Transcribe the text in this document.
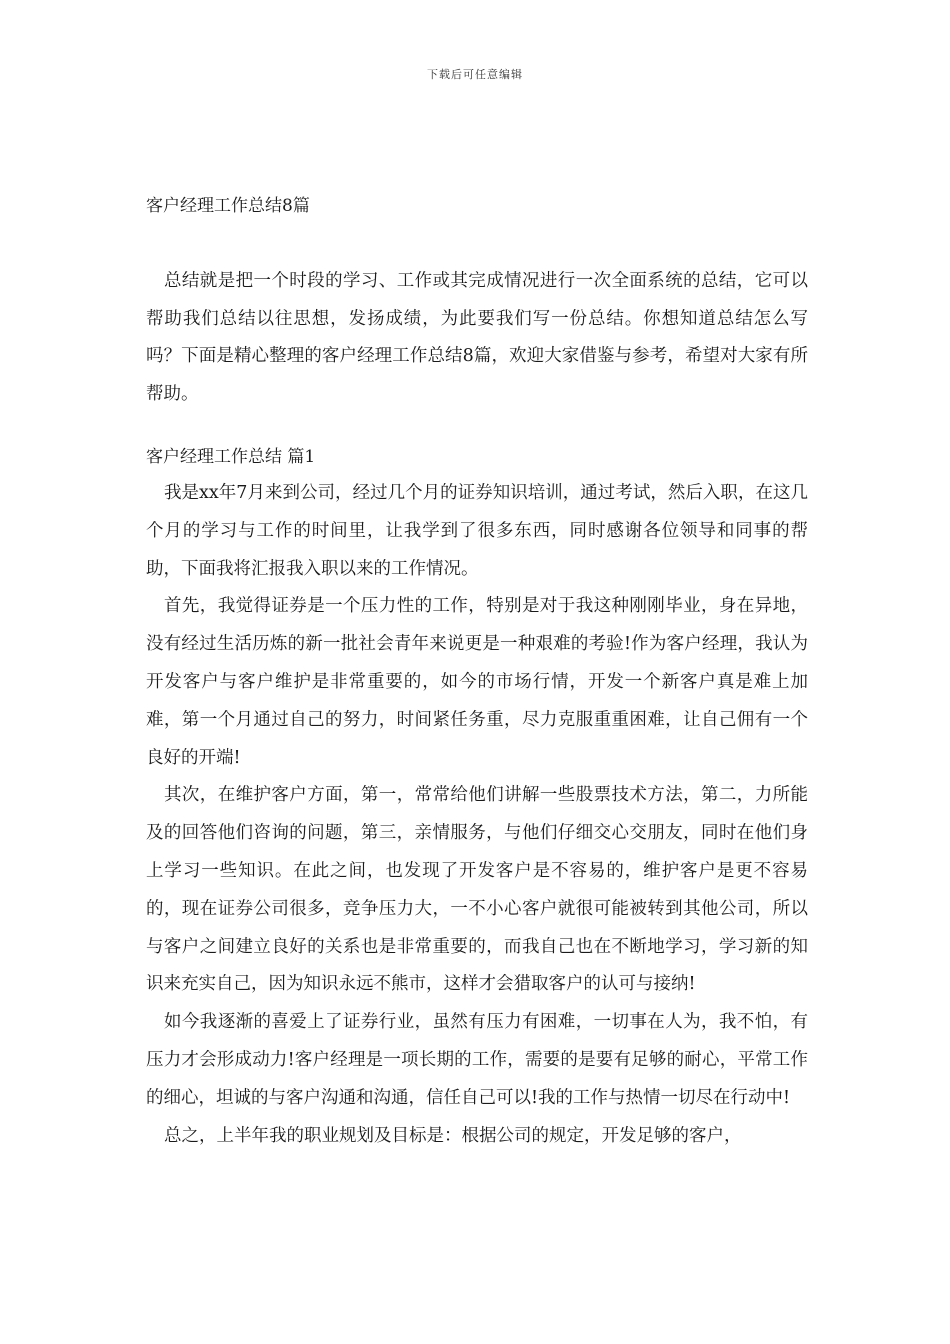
下载后可任意编辑
客户经理工作总结8篇

总结就是把一个时段的学习、工作或其完成情况进行一次全面系统的总结，它可以帮助我们总结以往思想，发扬成绩，为此要我们写一份总结。你想知道总结怎么写吗？下面是精心整理的客户经理工作总结8篇，欢迎大家借鉴与参考，希望对大家有所帮助。

客户经理工作总结 篇1

我是xx年7月来到公司，经过几个月的证券知识培训，通过考试，然后入职，在这几个月的学习与工作的时间里，让我学到了很多东西，同时感谢各位领导和同事的帮助，下面我将汇报我入职以来的工作情况。

首先，我觉得证券是一个压力性的工作，特别是对于我这种刚刚毕业，身在异地，没有经过生活历炼的新一批社会青年来说更是一种艰难的考验!作为客户经理，我认为开发客户与客户维护是非常重要的，如今的市场行情，开发一个新客户真是难上加难，第一个月通过自己的努力，时间紧任务重，尽力克服重重困难，让自己佣有一个良好的开端!

其次，在维护客户方面，第一，常常给他们讲解一些股票技术方法，第二，力所能及的回答他们咨询的问题，第三，亲情服务，与他们仔细交心交朋友，同时在他们身上学习一些知识。在此之间，也发现了开发客户是不容易的，维护客户是更不容易的，现在证券公司很多，竞争压力大，一不小心客户就很可能被转到其他公司，所以与客户之间建立良好的关系也是非常重要的，而我自己也在不断地学习，学习新的知识来充实自己，因为知识永远不熊市，这样才会猎取客户的认可与接纳!

如今我逐渐的喜爱上了证券行业，虽然有压力有困难，一切事在人为，我不怕，有压力才会形成动力!客户经理是一项长期的工作，需要的是要有足够的耐心，平常工作的细心，坦诚的与客户沟通和沟通，信任自己可以!我的工作与热情一切尽在行动中!

总之，上半年我的职业规划及目标是：根据公司的规定，开发足够的客户，
